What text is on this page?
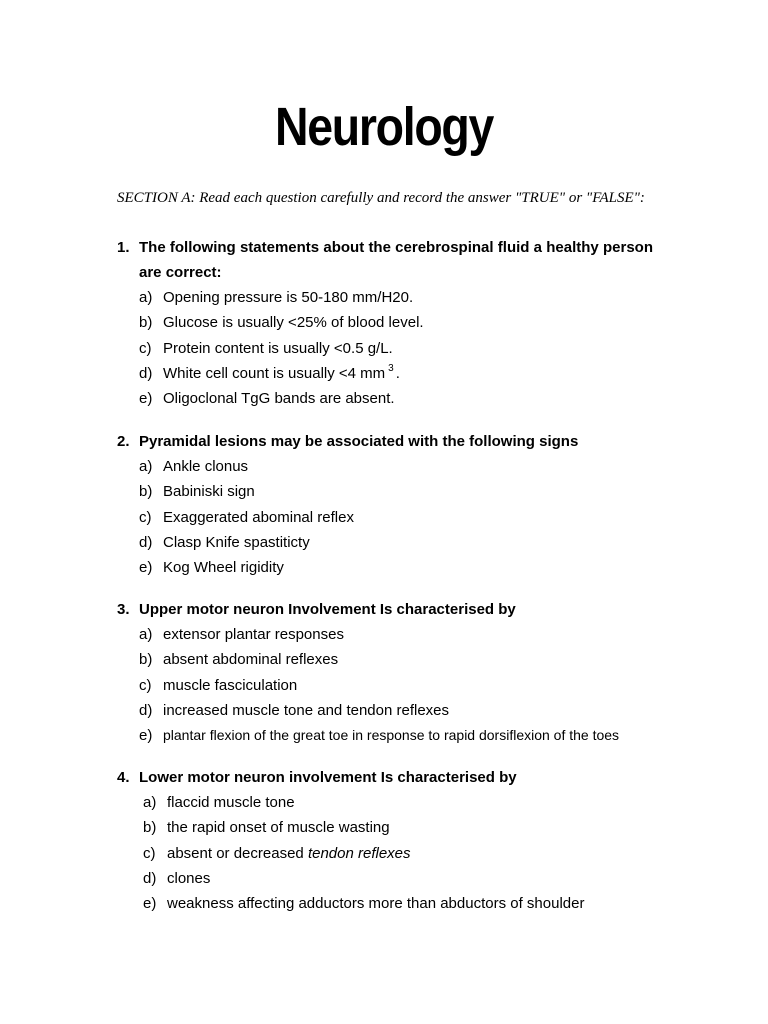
Neurology
SECTION A: Read each question carefully and record the answer "TRUE" or "FALSE":
1. The following statements about the cerebrospinal fluid a healthy person are correct:
a) Opening pressure is 50-180 mm/H20.
b) Glucose is usually <25% of blood level.
c) Protein content is usually <0.5 g/L.
d) White cell count is usually <4 mm $^3$ .
e) Oligoclonal TgG bands are absent.
2. Pyramidal lesions may be associated with the following signs
a) Ankle clonus
b) Babiniski sign
c) Exaggerated abominal reflex
d) Clasp Knife spastiticty
e) Kog Wheel rigidity
3. Upper motor neuron Involvement Is characterised by
a) extensor plantar responses
b) absent abdominal reflexes
c) muscle fasciculation
d) increased muscle tone and tendon reflexes
e) plantar flexion of the great toe in response to rapid dorsiflexion of the toes
4. Lower motor neuron involvement Is characterised by
a) flaccid muscle tone
b) the rapid onset of muscle wasting
c) absent or decreased tendon reflexes
d) clones
e) weakness affecting adductors more than abductors of shoulder
